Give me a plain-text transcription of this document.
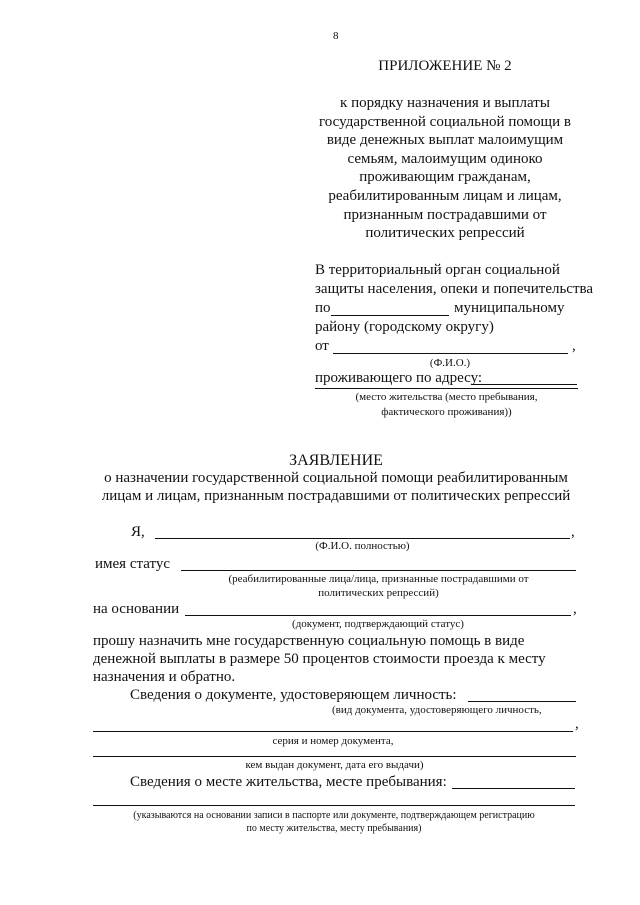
8
ПРИЛОЖЕНИЕ № 2
к порядку назначения и выплаты
государственной социальной помощи в
виде денежных выплат малоимущим
семьям, малоимущим одиноко
проживающим гражданам,
реабилитированным лицам и лицам,
признанным пострадавшими от
политических репрессий
В территориальный орган социальной
защиты населения, опеки и попечительства
по	муниципальному
району (городскому округу)
от	,
(Ф.И.О.)
проживающего по адресу:
(место жительства (место пребывания,
фактического проживания))
ЗАЯВЛЕНИЕ
о назначении государственной социальной помощи реабилитированным
лицам и лицам, признанным пострадавшими от политических репрессий
Я,	,
(Ф.И.О. полностью)
имея статус
(реабилитированные лица/лица, признанные пострадавшими от
политических репрессий)
на основании	,
(документ, подтверждающий статус)
прошу назначить мне государственную социальную помощь в виде
денежной выплаты в размере 50 процентов стоимости проезда к месту
назначения и обратно.
Сведения о документе, удостоверяющем личность:
(вид документа, удостоверяющего личность,
,
серия и номер документа,
кем выдан документ, дата его выдачи)
Сведения о месте жительства, месте пребывания:
(указываются на основании записи в паспорте или документе, подтверждающем регистрацию
по месту жительства, месту пребывания)
